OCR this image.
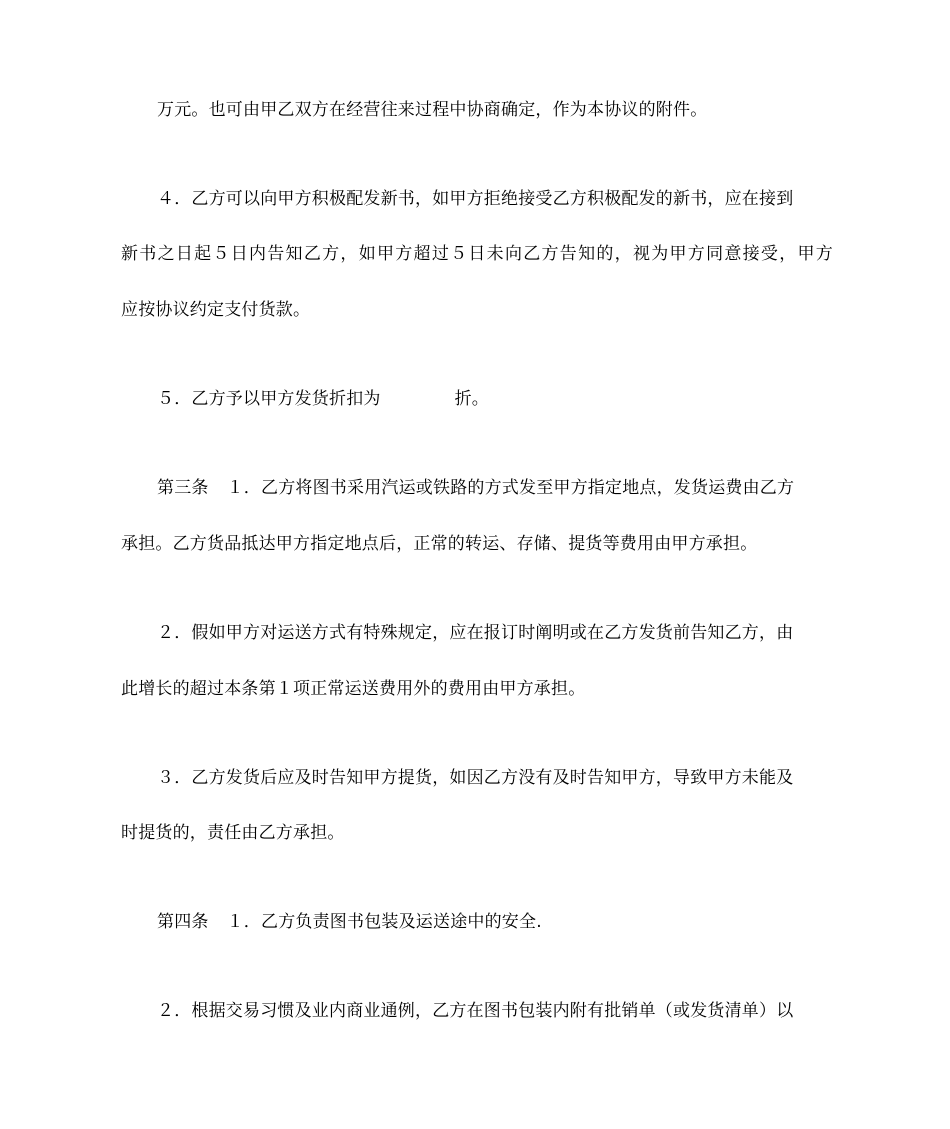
万元。也可由甲乙双方在经营往来过程中协商确定，作为本协议的附件。
４．乙方可以向甲方积极配发新书，如甲方拒绝接受乙方积极配发的新书，应在接到
新书之日起５日内告知乙方，如甲方超过５日未向乙方告知的，视为甲方同意接受，甲方
应按协议约定支付货款。
５．乙方予以甲方发货折扣为	折。
第三条 １．乙方将图书采用汽运或铁路的方式发至甲方指定地点，发货运费由乙方
承担。乙方货品抵达甲方指定地点后，正常的转运、存储、提货等费用由甲方承担。
２．假如甲方对运送方式有特殊规定，应在报订时阐明或在乙方发货前告知乙方，由
此增长的超过本条第１项正常运送费用外的费用由甲方承担。
３．乙方发货后应及时告知甲方提货，如因乙方没有及时告知甲方，导致甲方未能及
时提货的，责任由乙方承担。
第四条 １．乙方负责图书包装及运送途中的安全.
２．根据交易习惯及业内商业通例，乙方在图书包装内附有批销单（或发货清单）以
